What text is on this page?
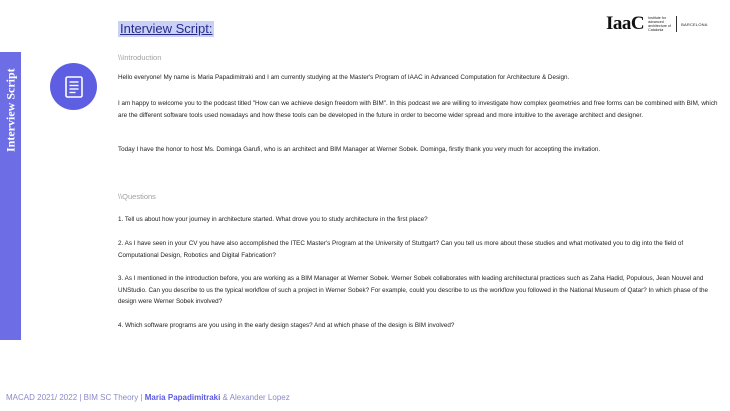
Interview Script
Interview Script:	IaaC Institute for advanced architecture of Catalonia
BARCELONA
\\Introduction

Hello everyone! My name is Maria Papadimitraki and I am currently studying at the Master's Program of IAAC in Advanced Computation for Architecture & Design.

I am happy to welcome you to the podcast titled "How can we achieve design freedom with BIM". In this podcast we are willing to investigate how complex geometries and free forms can be combined with BIM, which are the different software tools used nowadays and how these tools can be developed in the future in order to become wider spread and more intuitive to the average architect and designer.

Today I have the honor to host Ms. Dominga Garufi, who is an architect and BIM Manager at Werner Sobek. Dominga, firstly thank you very much for accepting the invitation.

\\Questions

1. Tell us about how your journey in architecture started. What drove you to study architecture in the first place?

2. As I have seen in your CV you have also accomplished the ITEC Master's Program at the University of Stuttgart? Can you tell us more about these studies and what motivated you to dig into the field of Computational Design, Robotics and Digital Fabrication?

3. As I mentioned in the introduction before, you are working as a BIM Manager at Werner Sobek. Werner Sobek collaborates with leading architectural practices such as Zaha Hadid, Populous, Jean Nouvel and UNStudio. Can you describe to us the typical workflow of such a project in Werner Sobek? For example, could you describe to us the workflow you followed in the National Museum of Qatar? In which phase of the design were Werner Sobek involved?

4. Which software programs are you using in the early design stages? And at which phase of the design is BIM involved?

MACAD 2021/ 2022 | BIM SC Theory | Maria Papadimitraki & Alexander Lopez
